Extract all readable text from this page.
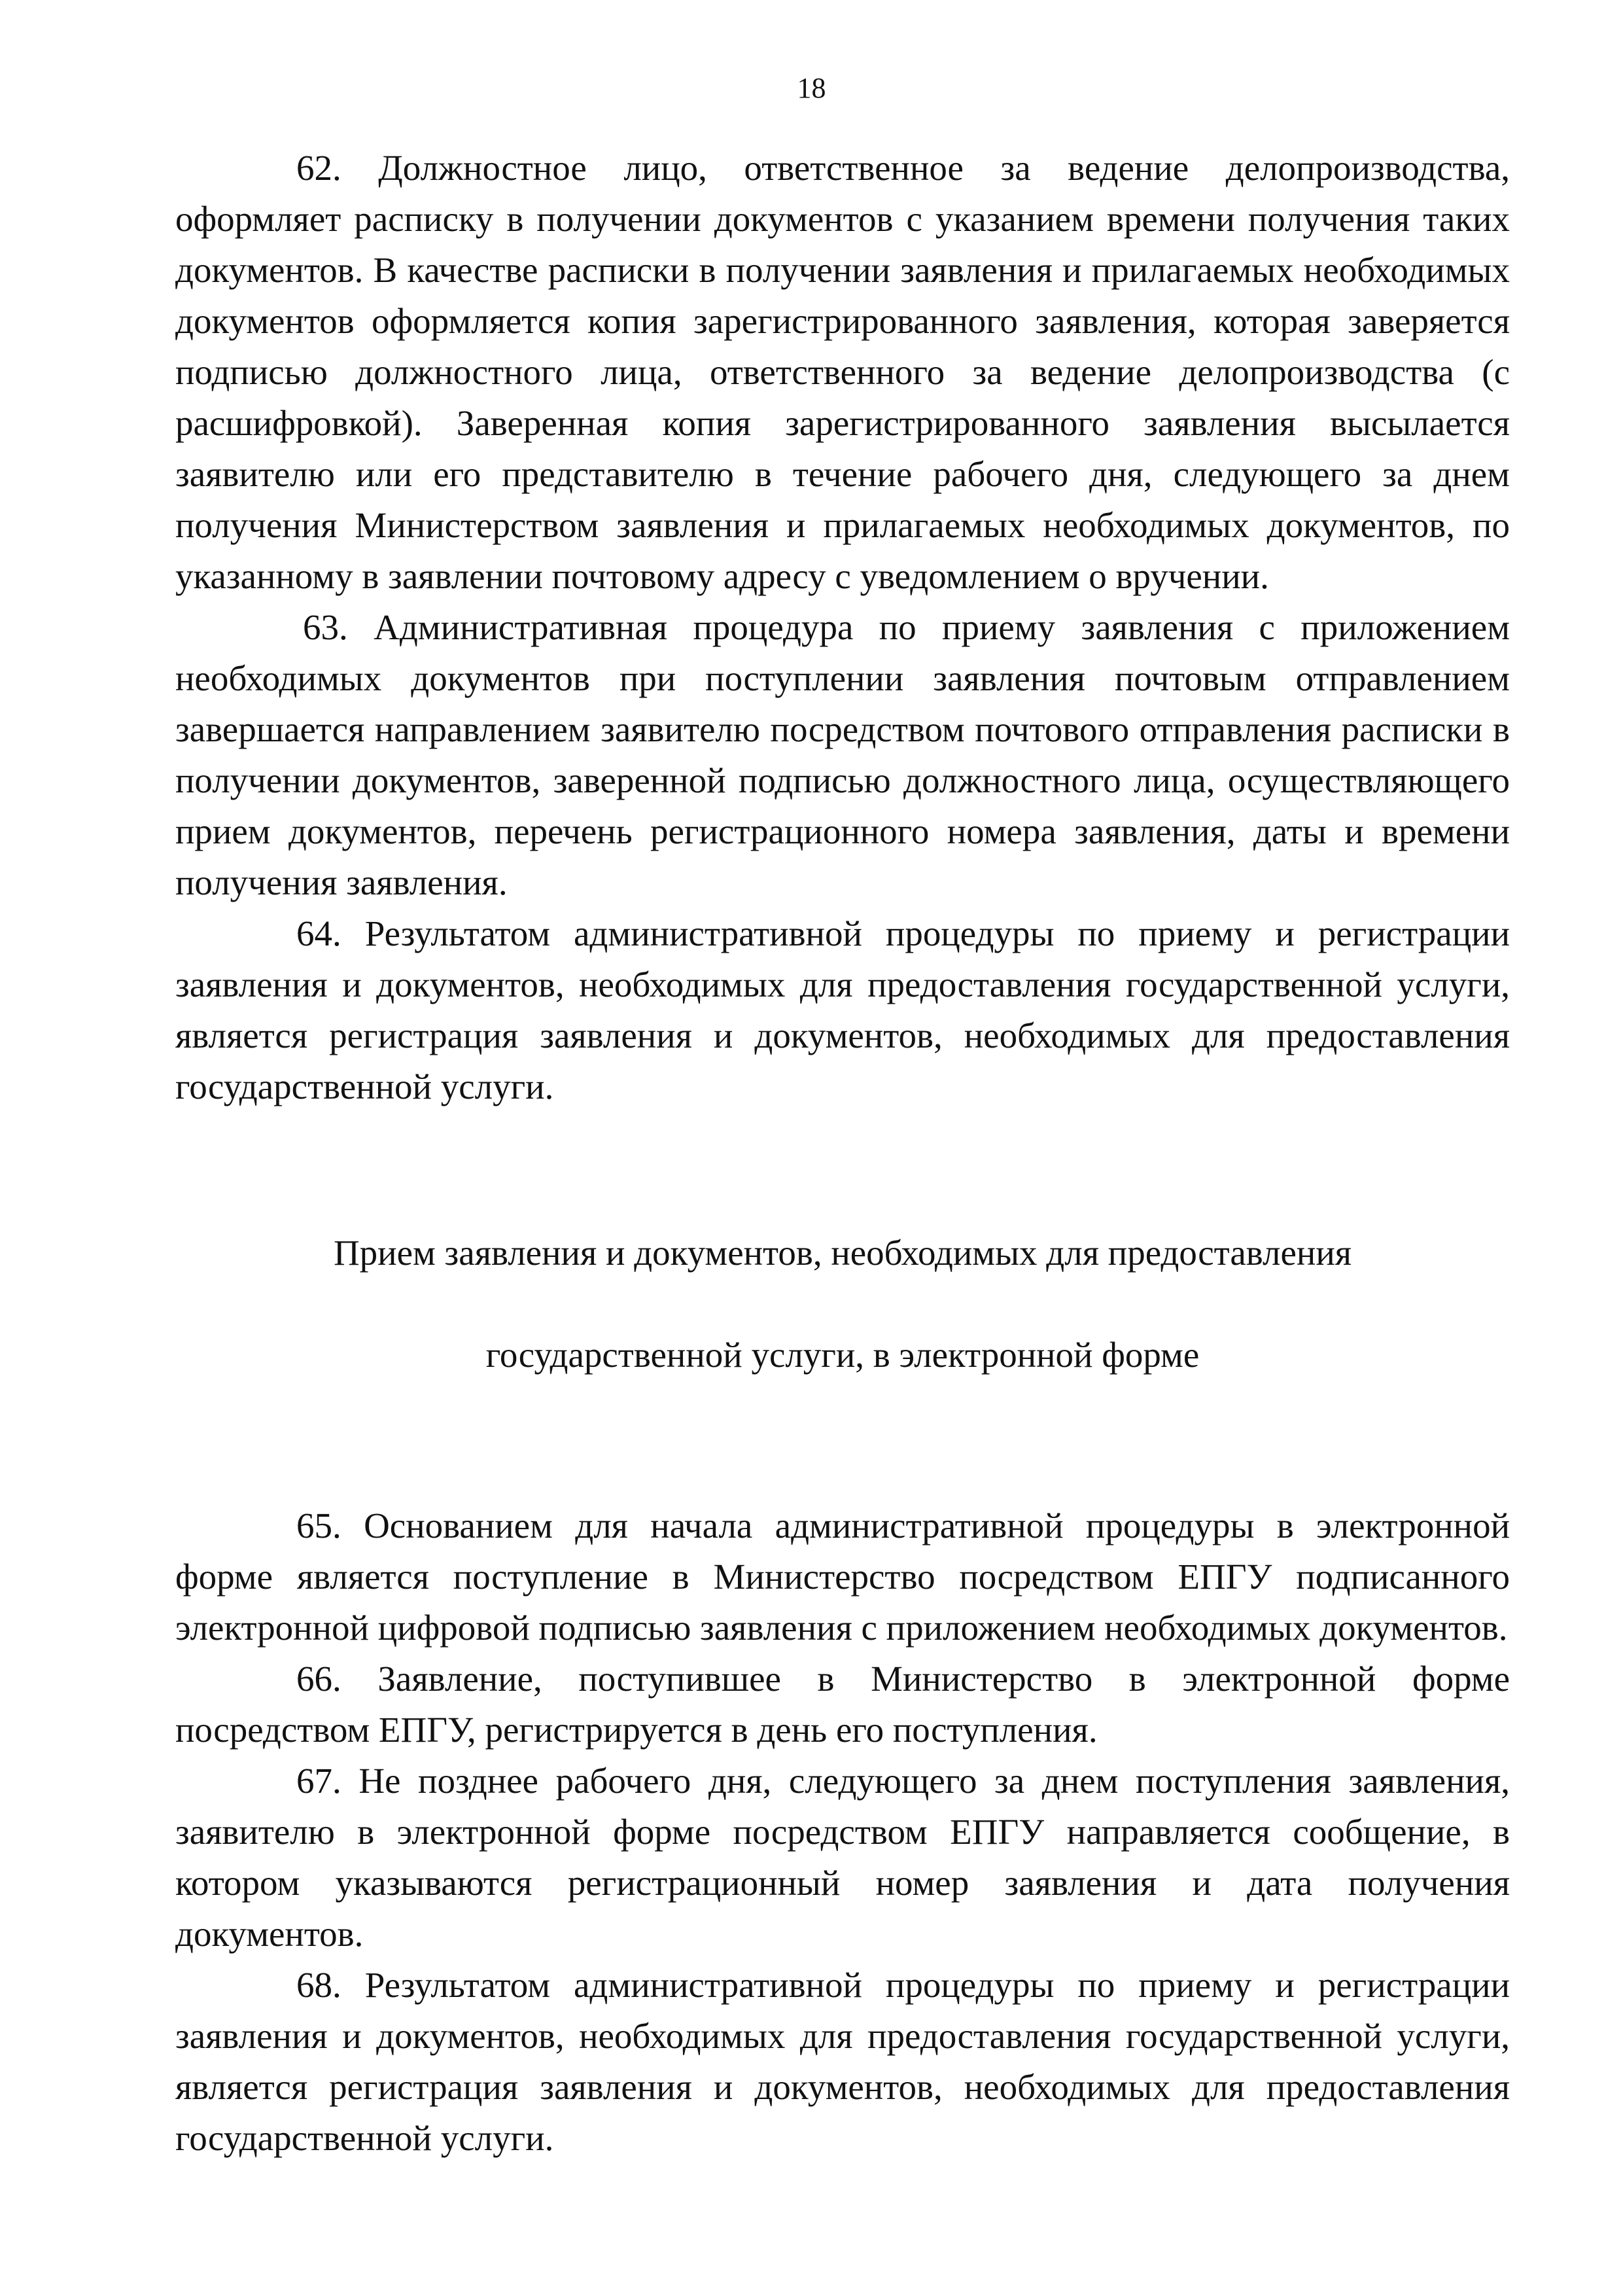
18

62. Должностное лицо, ответственное за ведение делопроизводства, оформляет расписку в получении документов с указанием времени получения таких документов. В качестве расписки в получении заявления и прилагаемых необходимых документов оформляется копия зарегистрированного заявления, которая заверяется подписью должностного лица, ответственного за ведение делопроизводства (с расшифровкой). Заверенная копия зарегистрированного заявления высылается заявителю или его представителю в течение рабочего дня, следующего за днем получения Министерством заявления и прилагаемых необходимых документов, по указанному в заявлении почтовому адресу с уведомлением о вручении.

63. Административная процедура по приему заявления с приложением необходимых документов при поступлении заявления почтовым отправлением завершается направлением заявителю посредством почтового отправления расписки в получении документов, заверенной подписью должностного лица, осуществляющего прием документов, перечень регистрационного номера заявления, даты и времени получения заявления.

64. Результатом административной процедуры по приему и регистрации заявления и документов, необходимых для предоставления государственной услуги, является регистрация заявления и документов, необходимых для предоставления государственной услуги.

Прием заявления и документов, необходимых для предоставления

государственной услуги, в электронной форме

65. Основанием для начала административной процедуры в электронной форме является поступление в Министерство посредством ЕПГУ подписанного электронной цифровой подписью заявления с приложением необходимых документов.

66. Заявление, поступившее в Министерство в электронной форме посредством ЕПГУ, регистрируется в день его поступления.

67. Не позднее рабочего дня, следующего за днем поступления заявления, заявителю в электронной форме посредством ЕПГУ направляется сообщение, в котором указываются регистрационный номер заявления и дата получения документов.

68. Результатом административной процедуры по приему и регистрации заявления и документов, необходимых для предоставления государственной услуги, является регистрация заявления и документов, необходимых для предоставления государственной услуги.
